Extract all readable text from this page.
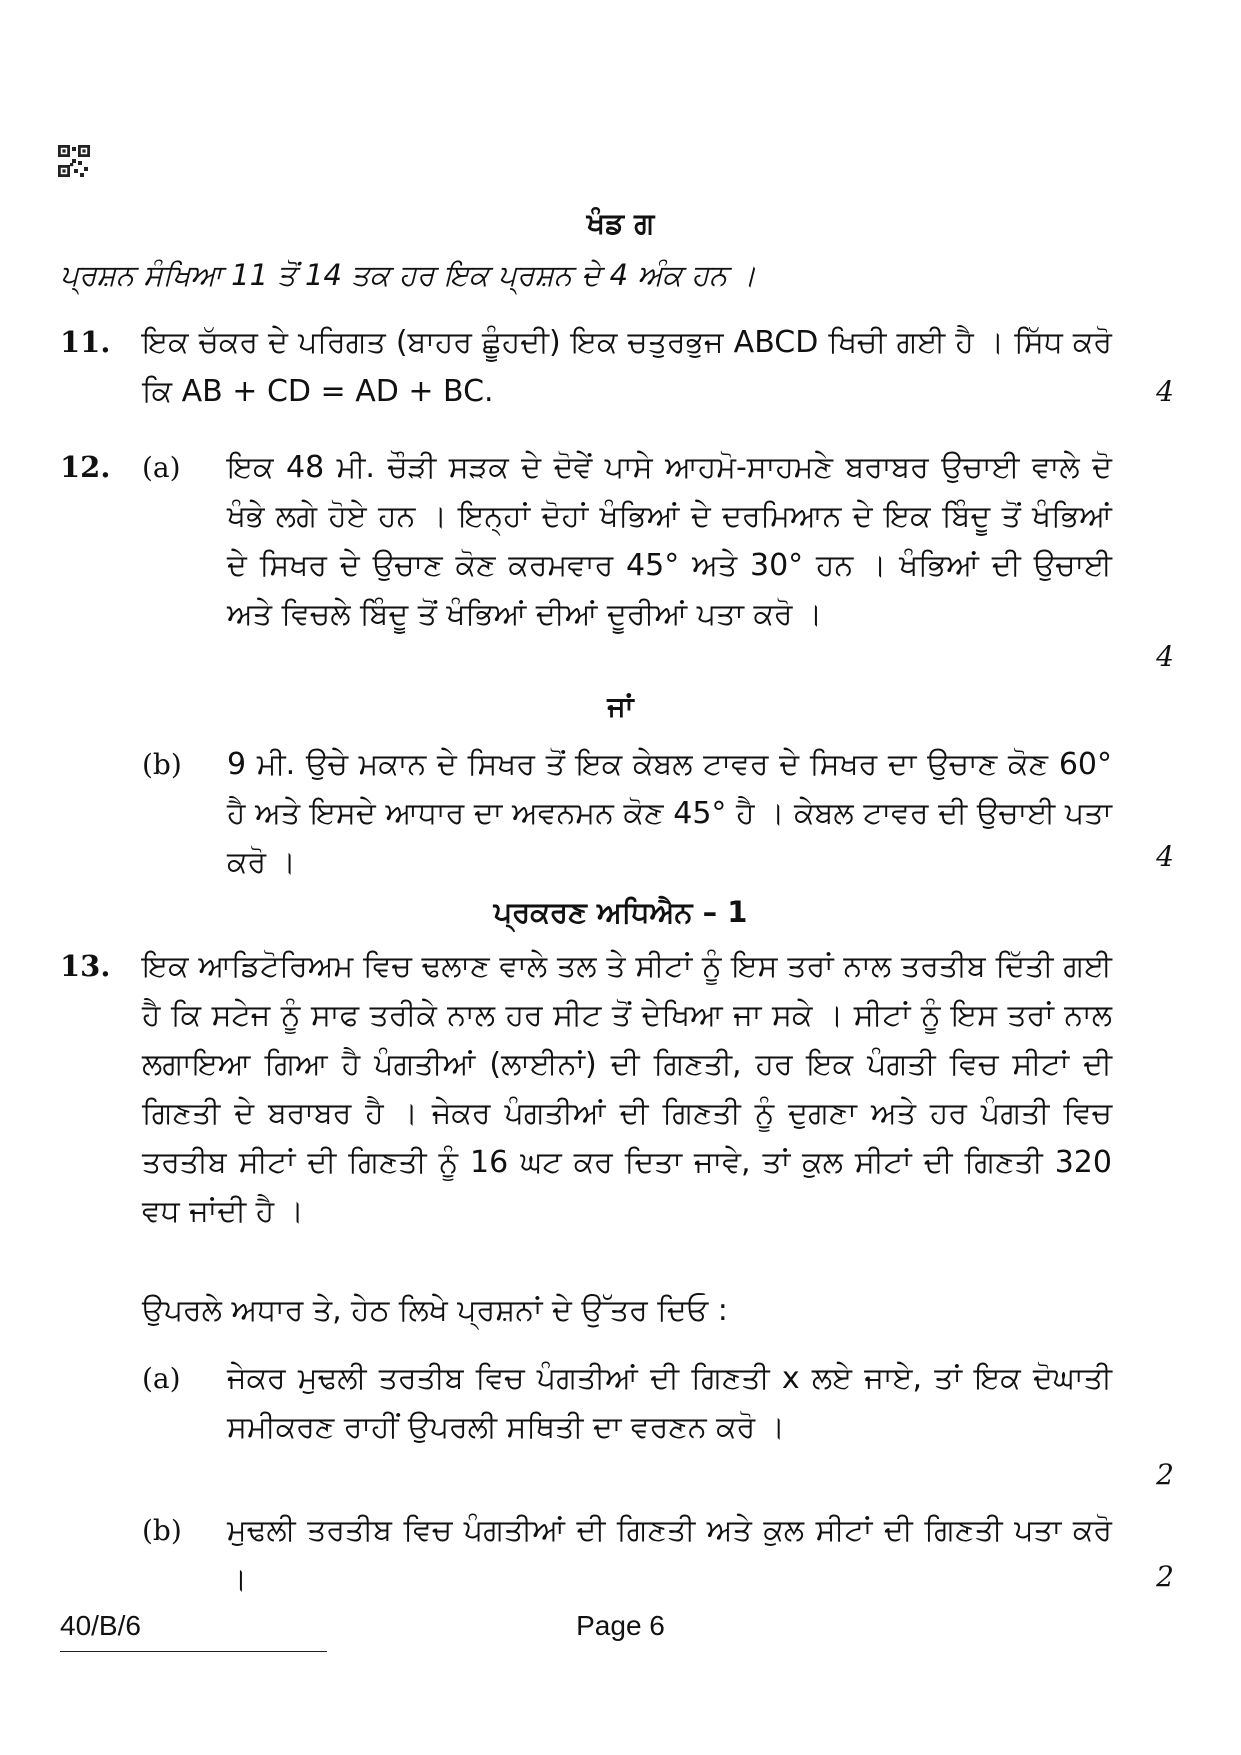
ਖੰਡ ਗ
ਪ੍ਰਸ਼ਨ ਸੰਖਿਆ 11 ਤੋਂ 14 ਤਕ ਹਰ ਇਕ ਪ੍ਰਸ਼ਨ ਦੇ 4 ਅੰਕ ਹਨ ।
11. ਇਕ ਚੱਕਰ ਦੇ ਪਰਿਗਤ (ਬਾਹਰ ਛੂੰਹਦੀ) ਇਕ ਚਤੁਰਭੁਜ ABCD ਖਿਚੀ ਗਈ ਹੈ । ਸਿੱਧ ਕਰੋ ਕਿ AB + CD = AD + BC.	4
12. (a) ਇਕ 48 ਮੀ. ਚੌੜੀ ਸੜਕ ਦੇ ਦੋਵੇਂ ਪਾਸੇ ਆਹਮੋ-ਸਾਹਮਣੇ ਬਰਾਬਰ ਉਚਾਈ ਵਾਲੇ ਦੋ ਖੰਭੇ ਲਗੇ ਹੋਏ ਹਨ । ਇਨ੍ਹਾਂ ਦੋਹਾਂ ਖੰਭਿਆਂ ਦੇ ਦਰਮਿਆਨ ਦੇ ਇਕ ਬਿੰਦੂ ਤੋਂ ਖੰਭਿਆਂ ਦੇ ਸਿਖਰ ਦੇ ਉਚਾਣ ਕੋਣ ਕਰਮਵਾਰ 45° ਅਤੇ 30° ਹਨ । ਖੰਭਿਆਂ ਦੀ ਉਚਾਈ ਅਤੇ ਵਿਚਲੇ ਬਿੰਦੂ ਤੋਂ ਖੰਭਿਆਂ ਦੀਆਂ ਦੂਰੀਆਂ ਪਤਾ ਕਰੋ ।
4
ਜਾਂ
(b) 9 ਮੀ. ਉਚੇ ਮਕਾਨ ਦੇ ਸਿਖਰ ਤੋਂ ਇਕ ਕੇਬਲ ਟਾਵਰ ਦੇ ਸਿਖਰ ਦਾ ਉਚਾਣ ਕੋਣ 60° ਹੈ ਅਤੇ ਇਸਦੇ ਆਧਾਰ ਦਾ ਅਵਨਮਨ ਕੋਣ 45° ਹੈ । ਕੇਬਲ ਟਾਵਰ ਦੀ ਉਚਾਈ ਪਤਾ ਕਰੋ ।	4
ਪ੍ਰਕਰਣ ਅਧਿਐਨ – 1
13. ਇਕ ਆਡਿਟੋਰਿਅਮ ਵਿਚ ਢਲਾਣ ਵਾਲੇ ਤਲ ਤੇ ਸੀਟਾਂ ਨੂੰ ਇਸ ਤਰਾਂ ਨਾਲ ਤਰਤੀਬ ਦਿੱਤੀ ਗਈ ਹੈ ਕਿ ਸਟੇਜ ਨੂੰ ਸਾਫ ਤਰੀਕੇ ਨਾਲ ਹਰ ਸੀਟ ਤੋਂ ਦੇਖਿਆ ਜਾ ਸਕੇ । ਸੀਟਾਂ ਨੂੰ ਇਸ ਤਰਾਂ ਨਾਲ ਲਗਾਇਆ ਗਿਆ ਹੈ ਪੰਗਤੀਆਂ (ਲਾਈਨਾਂ) ਦੀ ਗਿਣਤੀ, ਹਰ ਇਕ ਪੰਗਤੀ ਵਿਚ ਸੀਟਾਂ ਦੀ ਗਿਣਤੀ ਦੇ ਬਰਾਬਰ ਹੈ । ਜੇਕਰ ਪੰਗਤੀਆਂ ਦੀ ਗਿਣਤੀ ਨੂੰ ਦੁਗਣਾ ਅਤੇ ਹਰ ਪੰਗਤੀ ਵਿਚ ਤਰਤੀਬ ਸੀਟਾਂ ਦੀ ਗਿਣਤੀ ਨੂੰ 16 ਘਟ ਕਰ ਦਿਤਾ ਜਾਵੇ, ਤਾਂ ਕੁਲ ਸੀਟਾਂ ਦੀ ਗਿਣਤੀ 320 ਵਧ ਜਾਂਦੀ ਹੈ ।
ਉਪਰਲੇ ਅਧਾਰ ਤੇ, ਹੇਠ ਲਿਖੇ ਪ੍ਰਸ਼ਨਾਂ ਦੇ ਉੱਤਰ ਦਿਓ :
(a) ਜੇਕਰ ਮੁਢਲੀ ਤਰਤੀਬ ਵਿਚ ਪੰਗਤੀਆਂ ਦੀ ਗਿਣਤੀ x ਲਏ ਜਾਏ, ਤਾਂ ਇਕ ਦੋਘਾਤੀ ਸਮੀਕਰਣ ਰਾਹੀਂ ਉਪਰਲੀ ਸਥਿਤੀ ਦਾ ਵਰਣਨ ਕਰੋ ।
2
(b) ਮੁਢਲੀ ਤਰਤੀਬ ਵਿਚ ਪੰਗਤੀਆਂ ਦੀ ਗਿਣਤੀ ਅਤੇ ਕੁਲ ਸੀਟਾਂ ਦੀ ਗਿਣਤੀ ਪਤਾ ਕਰੋ ।	2
40/B/6	Page 6
